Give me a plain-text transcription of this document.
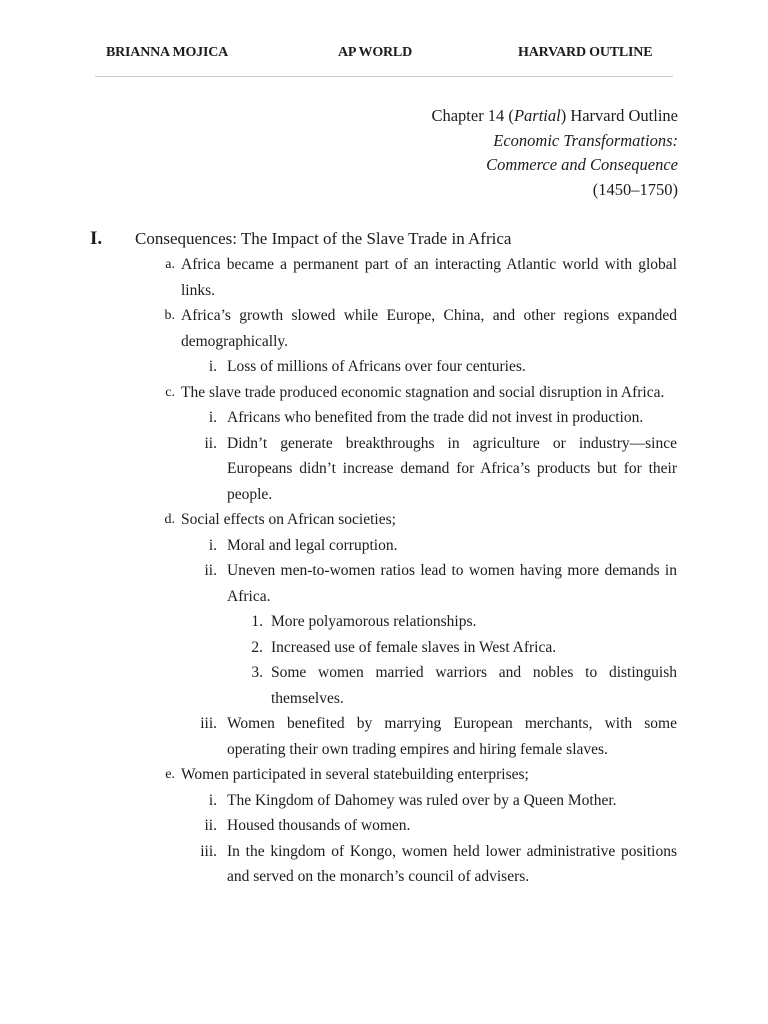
BRIANNA MOJICA	AP WORLD	HARVARD OUTLINE
Chapter 14 (Partial) Harvard Outline
Economic Transformations:
Commerce and Consequence
(1450–1750)
I. Consequences: The Impact of the Slave Trade in Africa
a. Africa became a permanent part of an interacting Atlantic world with global links.
b. Africa’s growth slowed while Europe, China, and other regions expanded demographically.
i. Loss of millions of Africans over four centuries.
c. The slave trade produced economic stagnation and social disruption in Africa.
i. Africans who benefited from the trade did not invest in production.
ii. Didn’t generate breakthroughs in agriculture or industry—since Europeans didn’t increase demand for Africa’s products but for their people.
d. Social effects on African societies;
i. Moral and legal corruption.
ii. Uneven men-to-women ratios lead to women having more demands in Africa.
1. More polyamorous relationships.
2. Increased use of female slaves in West Africa.
3. Some women married warriors and nobles to distinguish themselves.
iii. Women benefited by marrying European merchants, with some operating their own trading empires and hiring female slaves.
e. Women participated in several statebuilding enterprises;
i. The Kingdom of Dahomey was ruled over by a Queen Mother.
ii. Housed thousands of women.
iii. In the kingdom of Kongo, women held lower administrative positions and served on the monarch’s council of advisers.
